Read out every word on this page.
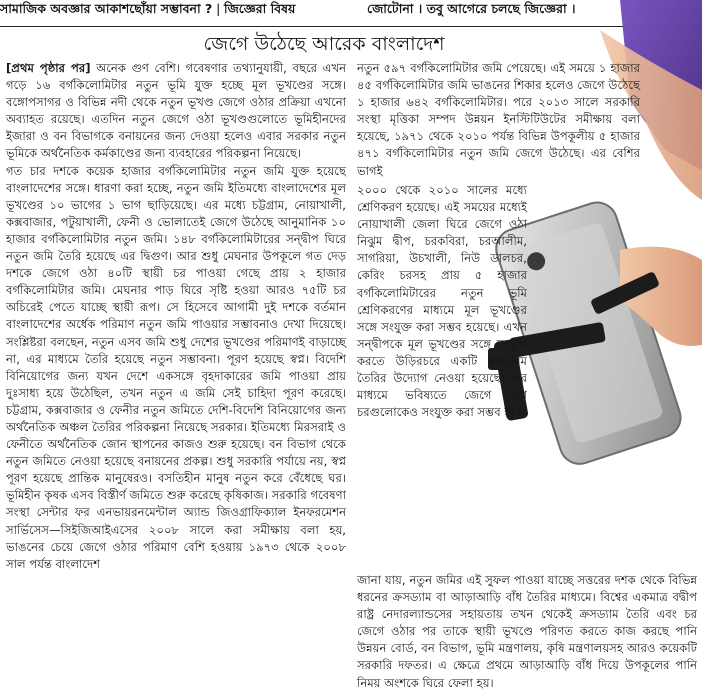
সামাজিক অবজ্ঞার আকাশছোঁয়া সম্ভাবনা ? | জিজ্ঞেরা বিষয়	জোটোনা । তবু আগেরে চলছে জিজ্ঞেরা ।
জেগে উঠেছে আরেক বাংলাদেশ

[প্রথম পৃষ্ঠার পর] অনেক গুণ বেশি। গবেষণার তথ্যানুযায়ী, বছরে এখন গড়ে ১৬ বর্গকিলোমিটার নতুন ভূমি যুক্ত হচ্ছে মূল ভূখণ্ডের সঙ্গে। বঙ্গোপসাগর ও বিভিন্ন নদী থেকে নতুন ভূখণ্ড জেগে ওঠার প্রক্রিয়া এখনো অব্যাহত রয়েছে। এতদিন নতুন জেগে ওঠা ভূখণ্ডগুলোতে ভূমিহীনদের ইজারা ও বন বিভাগকে বনায়নের জন্য দেওয়া হলেও এবার সরকার নতুন ভূমিকে অর্থনৈতিক কর্মকাণ্ডের জন্য ব্যবহারের পরিকল্পনা নিয়েছে।

গত চার দশকে কয়েক হাজার বর্গকিলোমিটার নতুন জমি যুক্ত হয়েছে বাংলাদেশের সঙ্গে। ধারণা করা হচ্ছে, নতুন জমি ইতিমধ্যে বাংলাদেশের মূল ভূখণ্ডের ১০ ভাগের ১ ভাগ ছাড়িয়েছে। এর মধ্যে চট্টগ্রাম, নোয়াখালী, কক্সবাজার, পটুয়াখালী, ফেনী ও ভোলাতেই জেগে উঠেছে আনুমানিক ১০ হাজার বর্গকিলোমিটার নতুন জমি। ১৪৮ বর্গকিলোমিটারের সন্দ্বীপ ঘিরে নতুন জমি তৈরি হয়েছে এর দ্বিগুণ। আর শুধু মেঘনার উপকূলে গত দেড় দশকে জেগে ওঠা ৪০টি স্থায়ী চর পাওয়া গেছে প্রায় ২ হাজার বর্গকিলোমিটার জমি। মেঘনার পাড় ঘিরে সৃষ্টি হওয়া আরও ৭৫টি চর অচিরেই পেতে যাচ্ছে স্থায়ী রূপ। সে হিসেবে আগামী দুই দশকে বর্তমান বাংলাদেশের অর্ধেক পরিমাণ নতুন জমি পাওয়ার সম্ভাবনাও দেখা দিয়েছে। সংশ্লিষ্টরা বলছেন, নতুন এসব জমি শুধু দেশের ভূখণ্ডের পরিমাণই বাড়াচ্ছে না, এর মাধ্যমে তৈরি হয়েছে নতুন সম্ভাবনা। পূরণ হয়েছে স্বপ্ন। বিদেশি বিনিয়োগের জন্য যখন দেশে একসঙ্গে বৃহদাকারের জমি পাওয়া প্রায় দুঃসাধ্য হয়ে উঠেছিল, তখন নতুন এ জমি সেই চাহিদা পূরণ করেছে। চট্টগ্রাম, কক্সবাজার ও ফেনীর নতুন জমিতে দেশি-বিদেশি বিনিয়োগের জন্য অর্থনৈতিক অঞ্চল তৈরির পরিকল্পনা নিয়েছে সরকার। ইতিমধ্যে মিরসরাই ও ফেনীতে অর্থনৈতিক জোন স্থাপনের কাজও শুরু হয়েছে। বন বিভাগ থেকে নতুন জমিতে নেওয়া হয়েছে বনায়নের প্রকল্প। শুধু সরকারি পর্যায়ে নয়, স্বপ্ন পূরণ হয়েছে প্রান্তিক মানুষেরও। বসতিহীন মানুষ নতুন করে বেঁধেছে ঘর। ভূমিহীন কৃষক এসব বিস্তীর্ণ জমিতে শুরু করেছে কৃষিকাজ। সরকারি গবেষণা সংস্থা সেন্টার ফর এনভায়রনমেন্টাল অ্যান্ড জিওগ্রাফিক্যাল ইনফরমেশন সার্ভিসেস—সিইজিআইএসের ২০০৮ সালে করা সমীক্ষায় বলা হয়, ভাঙনের চেয়ে জেগে ওঠার পরিমাণ বেশি হওয়ায় ১৯৭৩ থেকে ২০০৮ সাল পর্যন্ত বাংলাদেশ

নতুন ৫৯৭ বর্গকিলোমিটার জমি পেয়েছে। এই সময়ে ১ হাজার ৪৫ বর্গকিলোমিটার জমি ভাঙনের শিকার হলেও জেগে উঠেছে ১ হাজার ৬৪২ বর্গকিলোমিটার। পরে ২০১৩ সালে সরকারি সংস্থা মৃত্তিকা সম্পদ উন্নয়ন ইনস্টিটিউটের সমীক্ষায় বলা হয়েছে, ১৯৭১ থেকে ২০১০ পর্যন্ত বিভিন্ন উপকূলীয় ৫ হাজার ৪৭১ বর্গকিলোমিটার নতুন জমি জেগে উঠেছে। এর বেশির ভাগই
২০০০ থেকে ২০১০ সালের মধ্যে শ্রেণিকরণ হয়েছে। এই সময়ের মধ্যেই নোয়াখালী জেলা ঘিরে জেগে ওঠা নিঝুম দ্বীপ, চরকবিরা, চরআলীম, সাগরিয়া, উচখালী, নিউ ডালচর, কেরিং চরসহ প্রায় ৫ হাজার বর্গকিলোমিটারের নতুন ভূমি শ্রেণিকরণের মাধ্যমে মূল ভূখণ্ডের সঙ্গে সংযুক্ত করা সম্ভব হয়েছে। এখন সন্দ্বীপকে মূল ভূখণ্ডের সঙ্গে সংযুক্ত করতে উড়িরচরে একটি ক্রসড্যাম তৈরির উদ্যোগ নেওয়া হয়েছে। এর মাধ্যমে ভবিষ্যতে জেগে ওঠা চরগুলোকেও সংযুক্ত করা সম্ভব হবে।
জানা যায়, নতুন জমির এই সুফল পাওয়া যাচ্ছে সত্তরের দশক থেকে বিভিন্ন ধরনের ক্রসড্যাম বা আড়াআড়ি বাঁধ তৈরির মাধ্যমে। বিশ্বের একমাত্র বদ্বীপ রাষ্ট্র নেদারল্যান্ডসের সহায়তায় তখন থেকেই ক্রসড্যাম তৈরি এবং চর জেগে ওঠার পর তাকে স্থায়ী ভূখণ্ডে পরিণত করতে কাজ করছে পানি উন্নয়ন বোর্ড, বন বিভাগ, ভূমি মন্ত্রণালয়, কৃষি মন্ত্রণালয়সহ আরও কয়েকটি সরকারি দফতর। এ ক্ষেত্রে প্রথমে আড়াআড়ি বাঁধ দিয়ে উপকূলের পানি নিময় অংশকে ঘিরে ফেলা হয়।
